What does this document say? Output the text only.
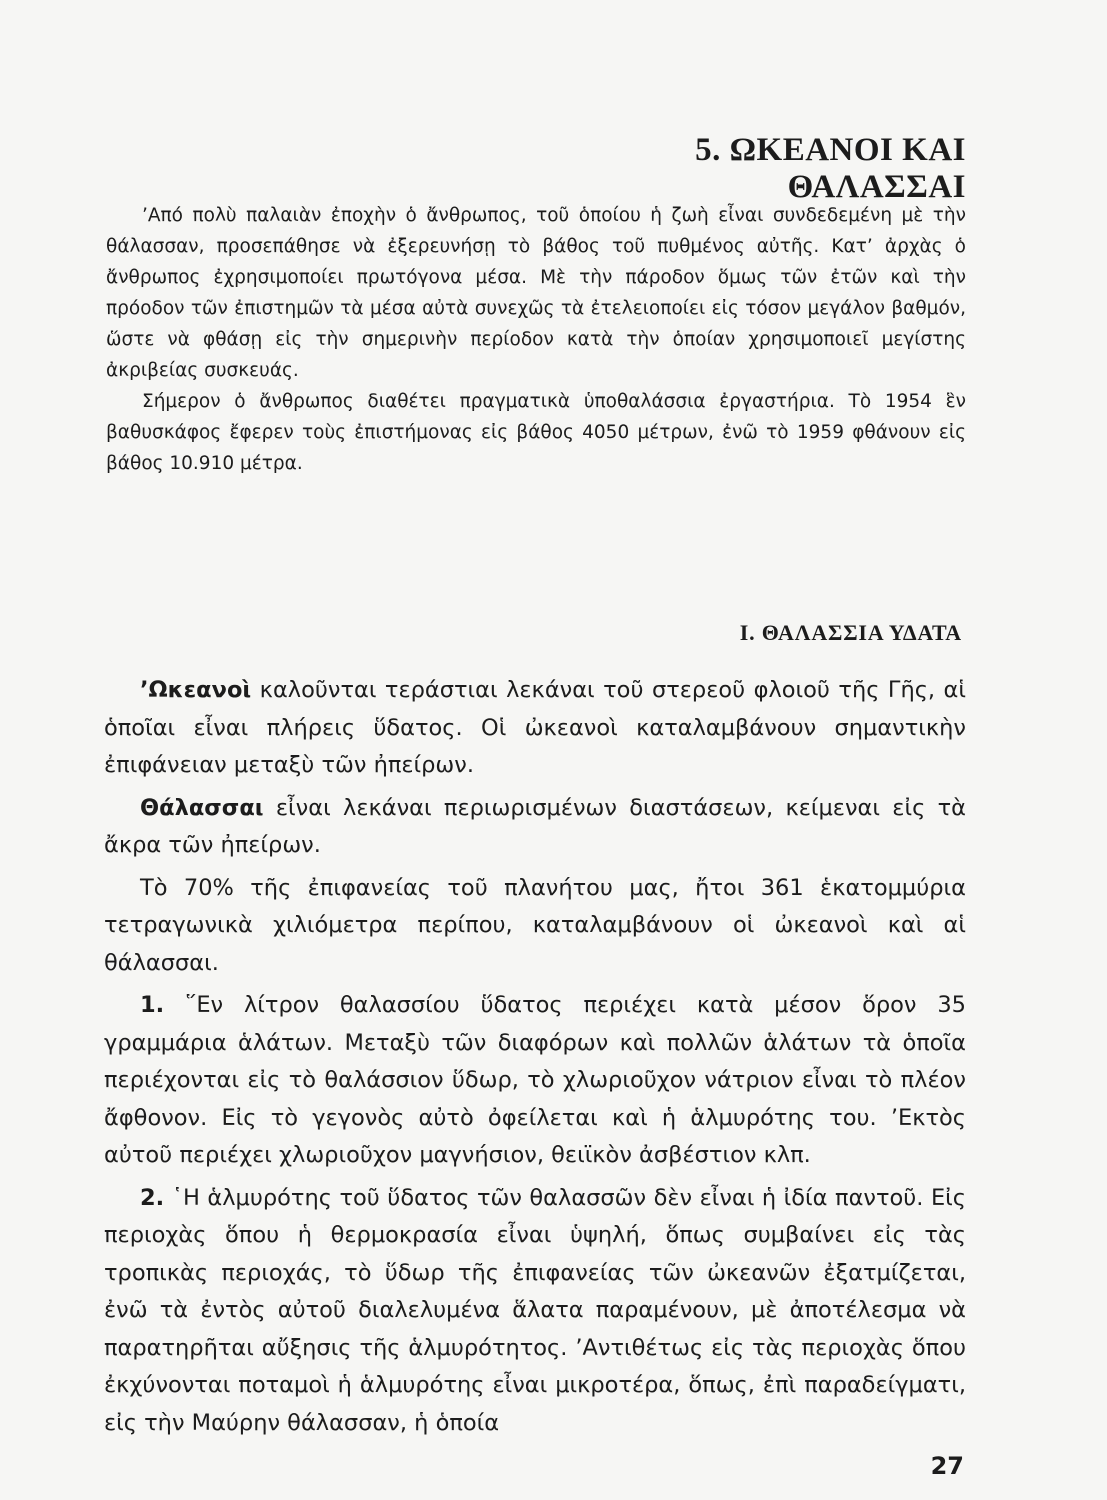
5. ΩΚΕΑΝΟΙ ΚΑΙ ΘΑΛΑΣΣΑΙ

’Από πολὺ παλαιὰν ἐποχὴν ὁ ἄνθρωπος, τοῦ ὁποίου ἡ ζωὴ εἶναι συνδεδεμένη μὲ τὴν θάλασσαν, προσεπάθησε νὰ ἐξερευνήσῃ τὸ βάθος τοῦ πυθμένος αὐτῆς. Κατ’ ἀρχὰς ὁ ἄνθρωπος ἐχρησιμοποίει πρωτόγονα μέσα. Μὲ τὴν πάροδον ὅμως τῶν ἐτῶν καὶ τὴν πρόοδον τῶν ἐπιστημῶν τὰ μέσα αὐτὰ συνεχῶς τὰ ἐτελειοποίει εἰς τόσον μεγάλον βαθμόν, ὥστε νὰ φθάσῃ εἰς τὴν σημερινὴν περίοδον κατὰ τὴν ὁποίαν χρησιμοποιεῖ μεγίστης ἀκριβείας συσκευάς.

Σήμερον ὁ ἄνθρωπος διαθέτει πραγματικὰ ὑποθαλάσσια ἐργαστήρια. Τὸ 1954 ἓν βαθυσκάφος ἔφερεν τοὺς ἐπιστήμονας εἰς βάθος 4050 μέτρων, ἐνῶ τὸ 1959 φθάνουν εἰς βάθος 10.910 μέτρα.

Ι. ΘΑΛΑΣΣΙΑ ΥΔΑΤΑ

’Ωκεανοὶ καλοῦνται τεράστιαι λεκάναι τοῦ στερεοῦ φλοιοῦ τῆς Γῆς, αἱ ὁποῖαι εἶναι πλήρεις ὕδατος. Οἱ ὠκεανοὶ καταλαμβάνουν σημαντικὴν ἐπιφάνειαν μεταξὺ τῶν ἠπείρων.

Θάλασσαι εἶναι λεκάναι περιωρισμένων διαστάσεων, κείμεναι εἰς τὰ ἄκρα τῶν ἠπείρων.

Τὸ 70% τῆς ἐπιφανείας τοῦ πλανήτου μας, ἤτοι 361 ἑκατομμύρια τετραγωνικὰ χιλιόμετρα περίπου, καταλαμβάνουν οἱ ὠκεανοὶ καὶ αἱ θάλασσαι.

1. ῞Εν λίτρον θαλασσίου ὕδατος περιέχει κατὰ μέσον ὅρον 35 γραμμάρια ἁλάτων. Μεταξὺ τῶν διαφόρων καὶ πολλῶν ἁλάτων τὰ ὁποῖα περιέχονται εἰς τὸ θαλάσσιον ὕδωρ, τὸ χλωριοῦχον νάτριον εἶναι τὸ πλέον ἄφθονον. Εἰς τὸ γεγονὸς αὐτὸ ὀφείλεται καὶ ἡ ἁλμυρότης του. ’Εκτὸς αὐτοῦ περιέχει χλωριοῦχον μαγνήσιον, θειϊκὸν ἀσβέστιον κλπ.

2. ῾Η ἁλμυρότης τοῦ ὕδατος τῶν θαλασσῶν δὲν εἶναι ἡ ἰδία παντοῦ. Εἰς περιοχὰς ὅπου ἡ θερμοκρασία εἶναι ὑψηλή, ὅπως συμβαίνει εἰς τὰς τροπικὰς περιοχάς, τὸ ὕδωρ τῆς ἐπιφανείας τῶν ὠκεανῶν ἐξατμίζεται, ἐνῶ τὰ ἐντὸς αὐτοῦ διαλελυμένα ἅλατα παραμένουν, μὲ ἀποτέλεσμα νὰ παρατηρῆται αὔξησις τῆς ἁλμυρότητος. ’Αντιθέτως εἰς τὰς περιοχὰς ὅπου ἐκχύνονται ποταμοὶ ἡ ἁλμυρότης εἶναι μικροτέρα, ὅπως, ἐπὶ παραδείγματι, εἰς τὴν Μαύρην θάλασσαν, ἡ ὁποία

27
